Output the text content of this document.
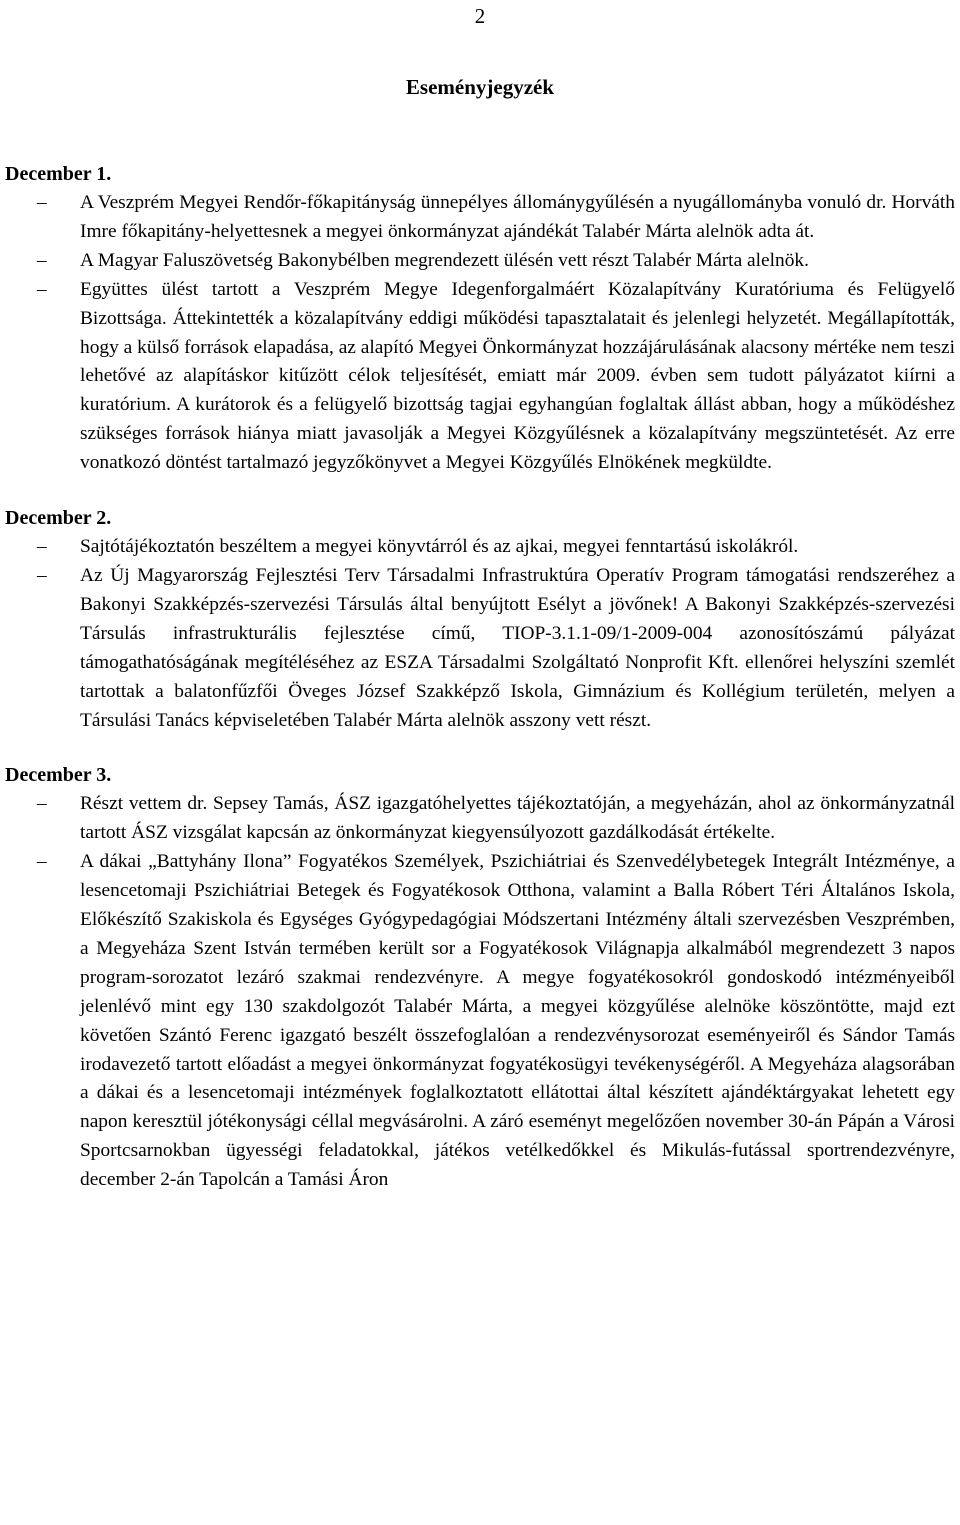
2
Eseményjegyzék
December 1.
– A Veszprém Megyei Rendőr-főkapitányság ünnepélyes állománygyűlésén a nyugállományba vonuló dr. Horváth Imre főkapitány-helyettesnek a megyei önkormányzat ajándékát Talabér Márta alelnök adta át.
– A Magyar Faluszövetség Bakonybélben megrendezett ülésén vett részt Talabér Márta alelnök.
– Együttes ülést tartott a Veszprém Megye Idegenforgalmáért Közalapítvány Kuratóriuma és Felügyelő Bizottsága. Áttekintették a közalapítvány eddigi működési tapasztalatait és jelenlegi helyzetét. Megállapították, hogy a külső források elapadása, az alapító Megyei Önkormányzat hozzájárulásának alacsony mértéke nem teszi lehetővé az alapításkor kitűzött célok teljesítését, emiatt már 2009. évben sem tudott pályázatot kiírni a kuratórium. A kurátorok és a felügyelő bizottság tagjai egyhangúan foglaltak állást abban, hogy a működéshez szükséges források hiánya miatt javasolják a Megyei Közgyűlésnek a közalapítvány megszüntetését. Az erre vonatkozó döntést tartalmazó jegyzőkönyvet a Megyei Közgyűlés Elnökének megküldte.
December 2.
– Sajtótájékoztatón beszéltem a megyei könyvtárról és az ajkai, megyei fenntartású iskolákról.
– Az Új Magyarország Fejlesztési Terv Társadalmi Infrastruktúra Operatív Program támogatási rendszeréhez a Bakonyi Szakképzés-szervezési Társulás által benyújtott Esélyt a jövőnek! A Bakonyi Szakképzés-szervezési Társulás infrastrukturális fejlesztése című, TIOP-3.1.1-09/1-2009-004 azonosítószámú pályázat támogathatóságának megítéléséhez az ESZA Társadalmi Szolgáltató Nonprofit Kft. ellenőrei helyszíni szemlét tartottak a balatonfűzfői Öveges József Szakképző Iskola, Gimnázium és Kollégium területén, melyen a Társulási Tanács képviseletében Talabér Márta alelnök asszony vett részt.
December 3.
– Részt vettem dr. Sepsey Tamás, ÁSZ igazgatóhelyettes tájékoztatóján, a megyeházán, ahol az önkormányzatnál tartott ÁSZ vizsgálat kapcsán az önkormányzat kiegyensúlyozott gazdálkodását értékelte.
– A dákai „Battyhány Ilona” Fogyatékos Személyek, Pszichiátriai és Szenvedélybetegek Integrált Intézménye, a lesencetomaji Pszichiátriai Betegek és Fogyatékosok Otthona, valamint a Balla Róbert Téri Általános Iskola, Előkészítő Szakiskola és Egységes Gyógypedagógiai Módszertani Intézmény általi szervezésben Veszprémben, a Megyeháza Szent István termében került sor a Fogyatékosok Világnapja alkalmából megrendezett 3 napos program-sorozatot lezáró szakmai rendezvényre. A megye fogyatékosokról gondoskodó intézményeiből jelenlévő mint egy 130 szakdolgozót Talabér Márta, a megyei közgyűlése alelnöke köszöntötte, majd ezt követően Szántó Ferenc igazgató beszélt összefoglalóan a rendezvénysorozat eseményeiről és Sándor Tamás irodavezető tartott előadást a megyei önkormányzat fogyatékosügyi tevékenységéről. A Megyeháza alagsorában a dákai és a lesencetomaji intézmények foglalkoztatott ellátottai által készített ajándéktárgyakat lehetett egy napon keresztül jótékonysági céllal megvásárolni. A záró eseményt megelőzően november 30-án Pápán a Városi Sportcsarnokban ügyességi feladatokkal, játékos vetélkedőkkel és Mikulás-futással sportrendezvényre, december 2-án Tapolcán a Tamási Áron
